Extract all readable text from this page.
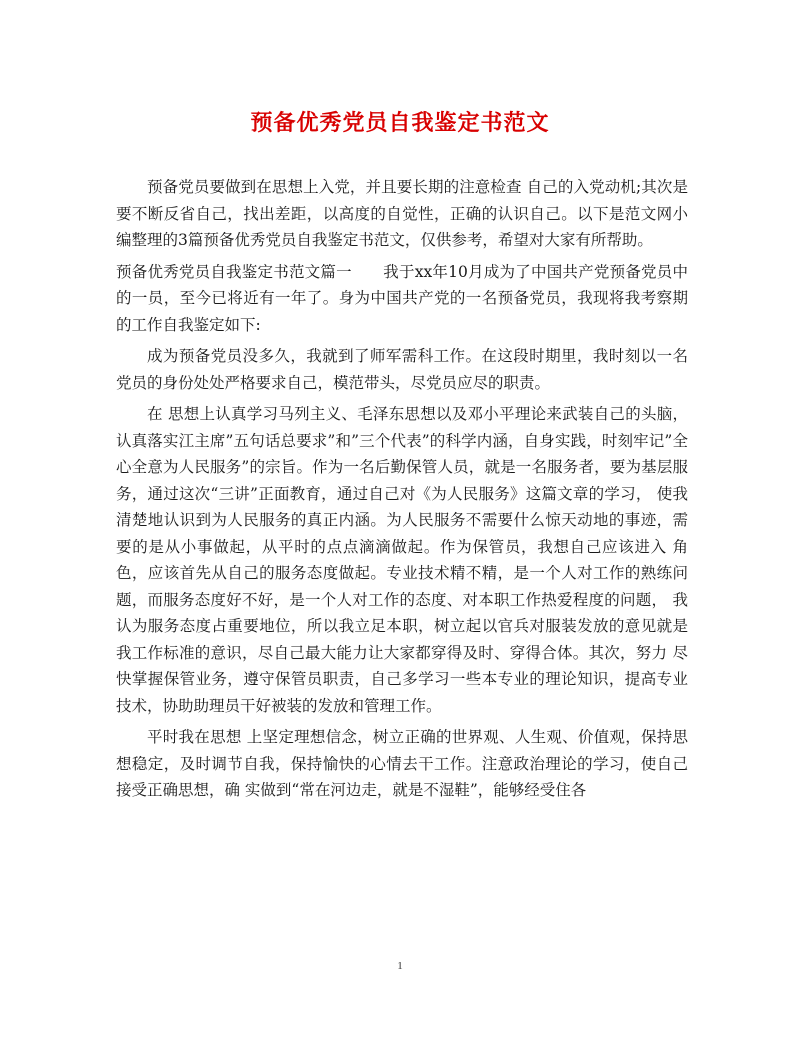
预备优秀党员自我鉴定书范文

预备党员要做到在思想上入党，并且要长期的注意检查 自己的入党动机;其次是要不断反省自己，找出差距，以高度的自觉性，正确的认识自己。以下是范文网小编整理的3篇预备优秀党员自我鉴定书范文，仅供参考，希望对大家有所帮助。

预备优秀党员自我鉴定书范文篇一　　我于xx年10月成为了中国共产党预备党员中的一员，至今已将近有一年了。身为中国共产党的一名预备党员，我现将我考察期的工作自我鉴定如下:

成为预备党员没多久，我就到了师军需科工作。在这段时期里，我时刻以一名党员的身份处处严格要求自己，模范带头，尽党员应尽的职责。

在 思想上认真学习马列主义、毛泽东思想以及邓小平理论来武装自己的头脑，认真落实江主席”五句话总要求”和”三个代表”的科学内涵，自身实践，时刻牢记”全 心全意为人民服务”的宗旨。作为一名后勤保管人员，就是一名服务者，要为基层服务，通过这次“三讲”正面教育，通过自己对《为人民服务》这篇文章的学习， 使我清楚地认识到为人民服务的真正内涵。为人民服务不需要什么惊天动地的事迹，需要的是从小事做起，从平时的点点滴滴做起。作为保管员，我想自己应该进入 角色，应该首先从自己的服务态度做起。专业技术精不精，是一个人对工作的熟练问题，而服务态度好不好，是一个人对工作的态度、对本职工作热爱程度的问题， 我认为服务态度占重要地位，所以我立足本职，树立起以官兵对服装发放的意见就是我工作标准的意识，尽自己最大能力让大家都穿得及时、穿得合体。其次，努力 尽快掌握保管业务，遵守保管员职责，自己多学习一些本专业的理论知识，提高专业技术，协助助理员干好被装的发放和管理工作。

平时我在思想 上坚定理想信念，树立正确的世界观、人生观、价值观，保持思想稳定，及时调节自我，保持愉快的心情去干工作。注意政治理论的学习，使自己接受正确思想，确 实做到“常在河边走，就是不湿鞋”，能够经受住各

1
